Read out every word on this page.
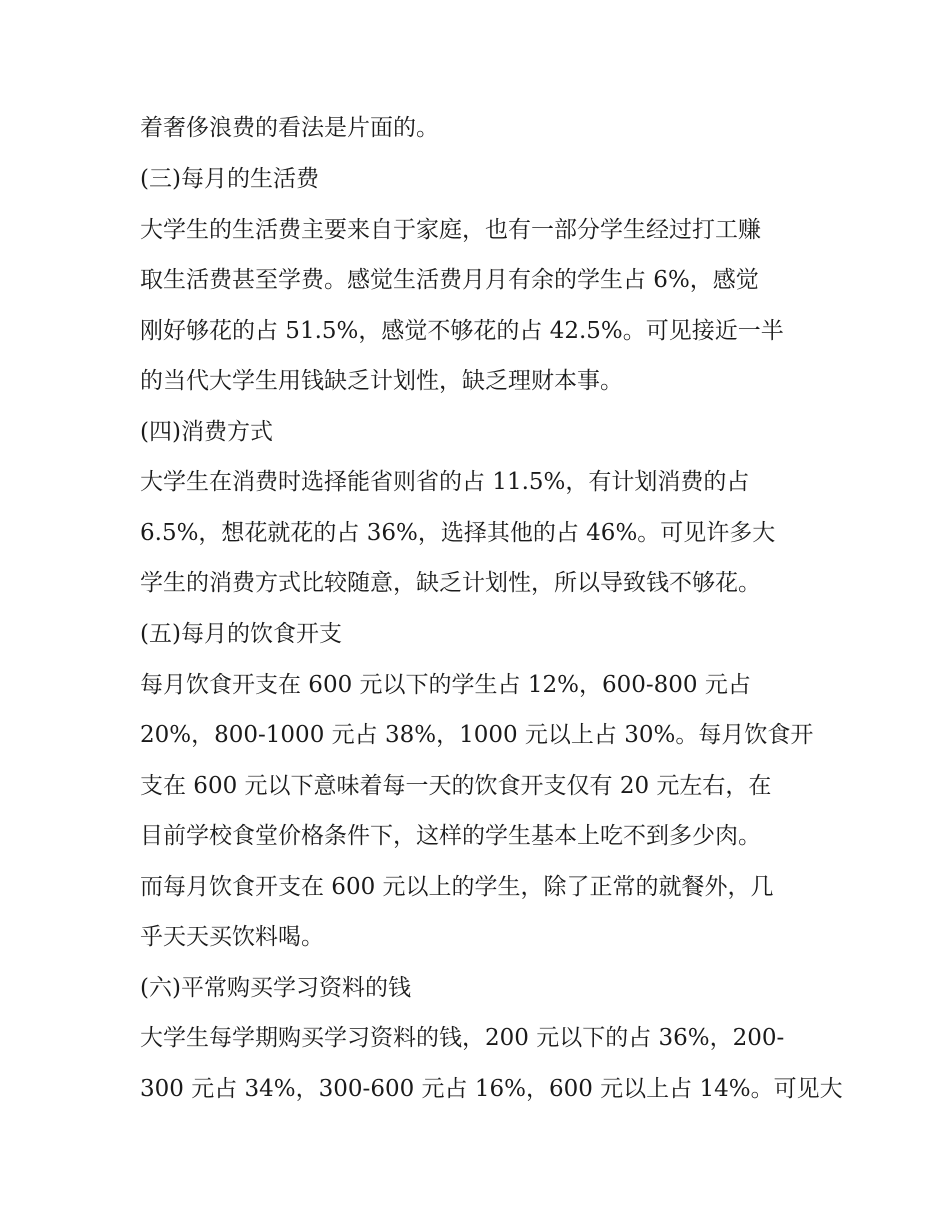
着奢侈浪费的看法是片面的。
(三)每月的生活费
大学生的生活费主要来自于家庭，也有一部分学生经过打工赚
取生活费甚至学费。感觉生活费月月有余的学生占 6%，感觉
刚好够花的占 51.5%，感觉不够花的占 42.5%。可见接近一半
的当代大学生用钱缺乏计划性，缺乏理财本事。
(四)消费方式
大学生在消费时选择能省则省的占 11.5%，有计划消费的占
6.5%，想花就花的占 36%，选择其他的占 46%。可见许多大
学生的消费方式比较随意，缺乏计划性，所以导致钱不够花。
(五)每月的饮食开支
每月饮食开支在 600 元以下的学生占 12%，600-800 元占
20%，800-1000 元占 38%，1000 元以上占 30%。每月饮食开
支在 600 元以下意味着每一天的饮食开支仅有 20 元左右，在
目前学校食堂价格条件下，这样的学生基本上吃不到多少肉。
而每月饮食开支在 600 元以上的学生，除了正常的就餐外，几
乎天天买饮料喝。
(六)平常购买学习资料的钱
大学生每学期购买学习资料的钱，200 元以下的占 36%，200-
300 元占 34%，300-600 元占 16%，600 元以上占 14%。可见大
